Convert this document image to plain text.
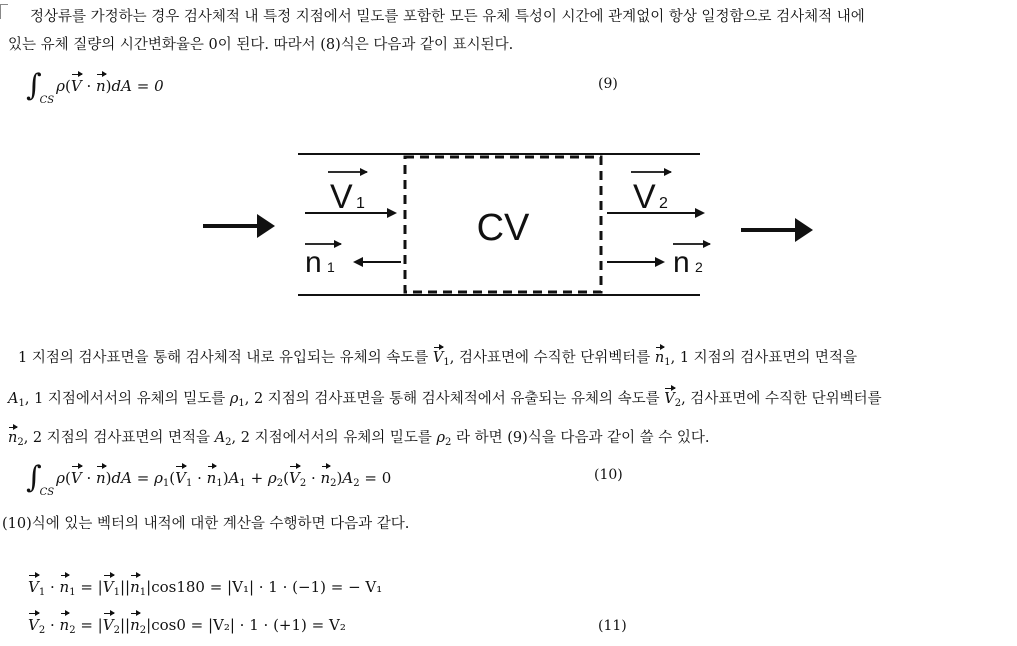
정상류를 가정하는 경우 검사체적 내 특정 지점에서 밀도를 포함한 모든 유체 특성이 시간에 관계없이 항상 일정함으로 검사체적 내에
있는 유체 질량의 시간변화율은 0이 된다. 따라서 (8)식은 다음과 같이 표시된다.
∫CSρ(V · n)dA = 0	(9)
CV
V 1
n 1
V 2
n 2
1 지점의 검사표면을 통해 검사체적 내로 유입되는 유체의 속도를 $V_1$, 검사표면에 수직한 단위벡터를 $n_1$, 1 지점의 검사표면의 면적을
$A_1$, 1 지점에서서의 유체의 밀도를 $\rho_1$, 2 지점의 검사표면을 통해 검사체적에서 유출되는 유체의 속도를 $V_2$, 검사표면에 수직한 단위벡터를
$n_2$, 2 지점의 검사표면의 면적을 $A_2$, 2 지점에서서의 유체의 밀도를 $\rho_2$ 라 하면 (9)식을 다음과 같이 쓸 수 있다.
$\int CS\rho(V \cdot n)dA = \rho_1(V_1 \cdot n_1)A_1 + \rho_2(V_2 \cdot n_2)A_2 = 0$	(10)
(10)식에 있는 벡터의 내적에 대한 계산을 수행하면 다음과 같다.
$V_1 \cdot n_1 = |V_1||n_1|\cos 180 = |V_1| \cdot 1 \cdot (-1)$ = − V₁
$V_2 \cdot n_2 = |V_2||n_2|\cos 0 = |V_2| \cdot 1 \cdot (+1) = V_2$	(11)
